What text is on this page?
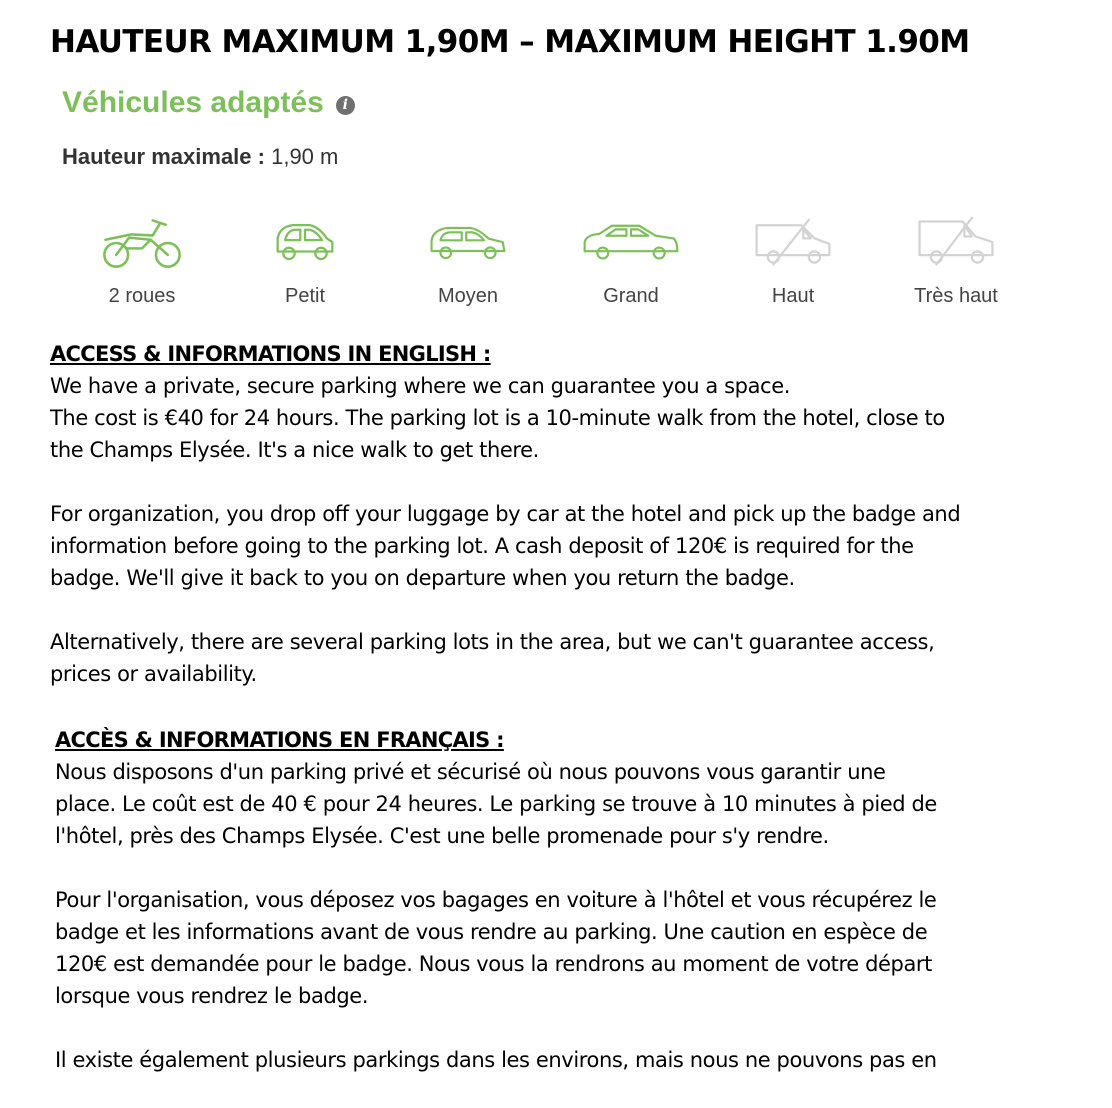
HAUTEUR MAXIMUM 1,90M – MAXIMUM HEIGHT 1.90M
Véhicules adaptés	i
Hauteur maximale : 1,90 m
2 roues	Petit	Moyen	Grand	Haut	Très haut
ACCESS & INFORMATIONS IN ENGLISH :

We have a private, secure parking where we can guarantee you a space.
The cost is €40 for 24 hours. The parking lot is a 10-minute walk from the hotel, close to
the Champs Elysée. It's a nice walk to get there.

For organization, you drop off your luggage by car at the hotel and pick up the badge and
information before going to the parking lot. A cash deposit of 120€ is required for the
badge. We'll give it back to you on departure when you return the badge.

Alternatively, there are several parking lots in the area, but we can't guarantee access,
prices or availability.

ACCÈS & INFORMATIONS EN FRANÇAIS :

Nous disposons d'un parking privé et sécurisé où nous pouvons vous garantir une
place. Le coût est de 40 € pour 24 heures. Le parking se trouve à 10 minutes à pied de
l'hôtel, près des Champs Elysée. C'est une belle promenade pour s'y rendre.

Pour l'organisation, vous déposez vos bagages en voiture à l'hôtel et vous récupérez le
badge et les informations avant de vous rendre au parking. Une caution en espèce de
120€ est demandée pour le badge. Nous vous la rendrons au moment de votre départ
lorsque vous rendrez le badge.

Il existe également plusieurs parkings dans les environs, mais nous ne pouvons pas en
